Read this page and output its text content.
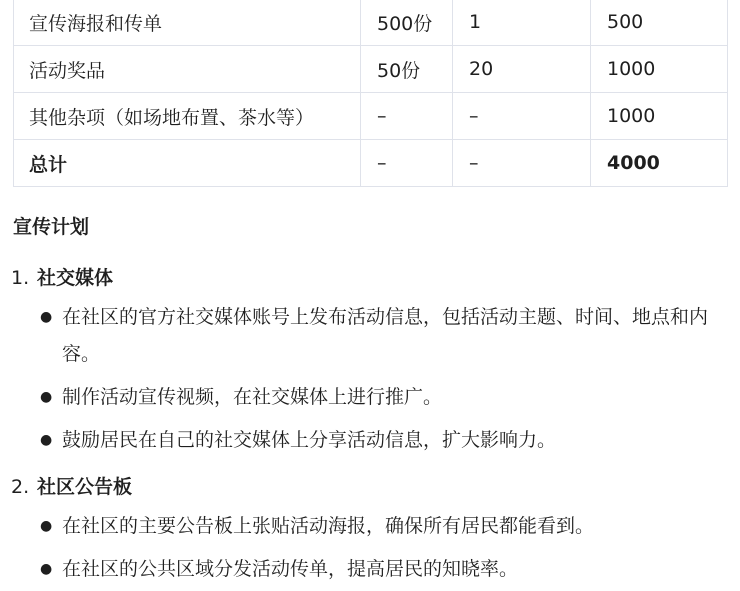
宣传海报和传单	500份	1	500
活动奖品	50份	20	1000
其他杂项（如场地布置、茶水等）	–	–	1000
总计	–	–	4000
宣传计划
1. 社交媒体
● 在社区的官方社交媒体账号上发布活动信息，包括活动主题、时间、地点和内容。
● 制作活动宣传视频，在社交媒体上进行推广。
● 鼓励居民在自己的社交媒体上分享活动信息，扩大影响力。
2. 社区公告板
● 在社区的主要公告板上张贴活动海报，确保所有居民都能看到。
● 在社区的公共区域分发活动传单，提高居民的知晓率。
